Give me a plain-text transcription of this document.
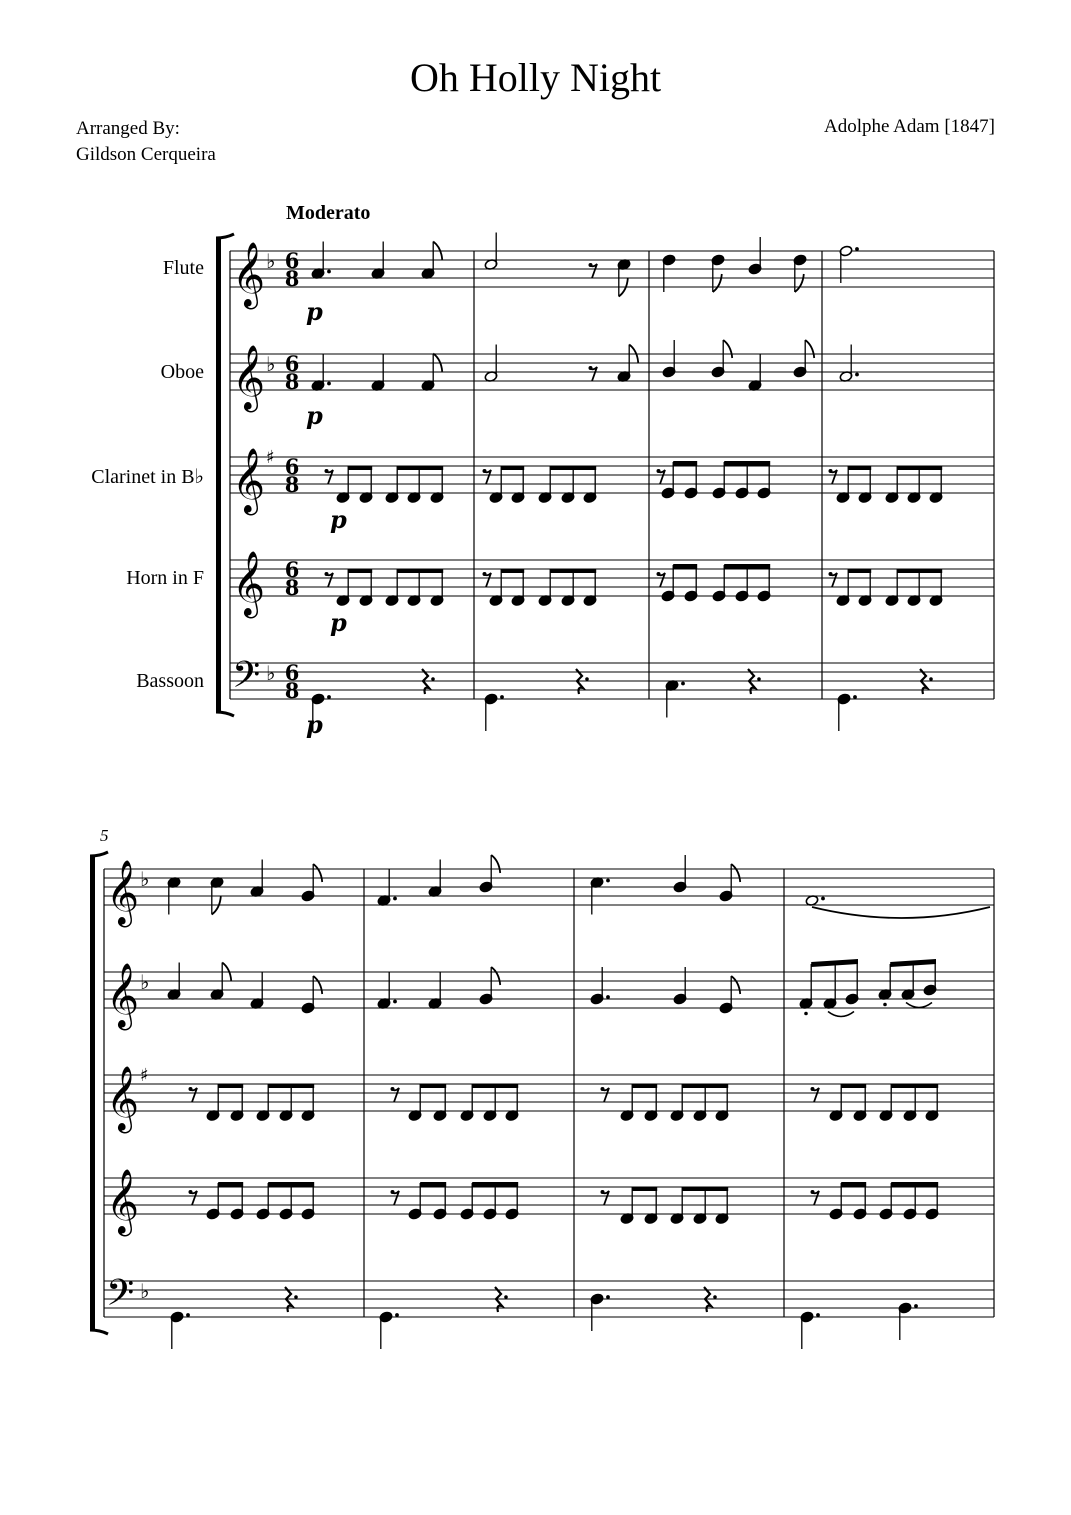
Oh Holly Night
Arranged By:
Gildson Cerqueira
Adolphe Adam [1847]
Moderato
Flute
Oboe
Clarinet in B♭
Horn in F
Bassoon
5
𝄞 ♭ 6
8
𝄞 ♭ 6
8
𝄞 ♯ 6
8
𝄞 6
8
𝄢 ♭ 6
8
p
p
p
p
p
𝄞 ♭
𝄞 ♭
𝄞 ♯
𝄞
𝄢 ♭
